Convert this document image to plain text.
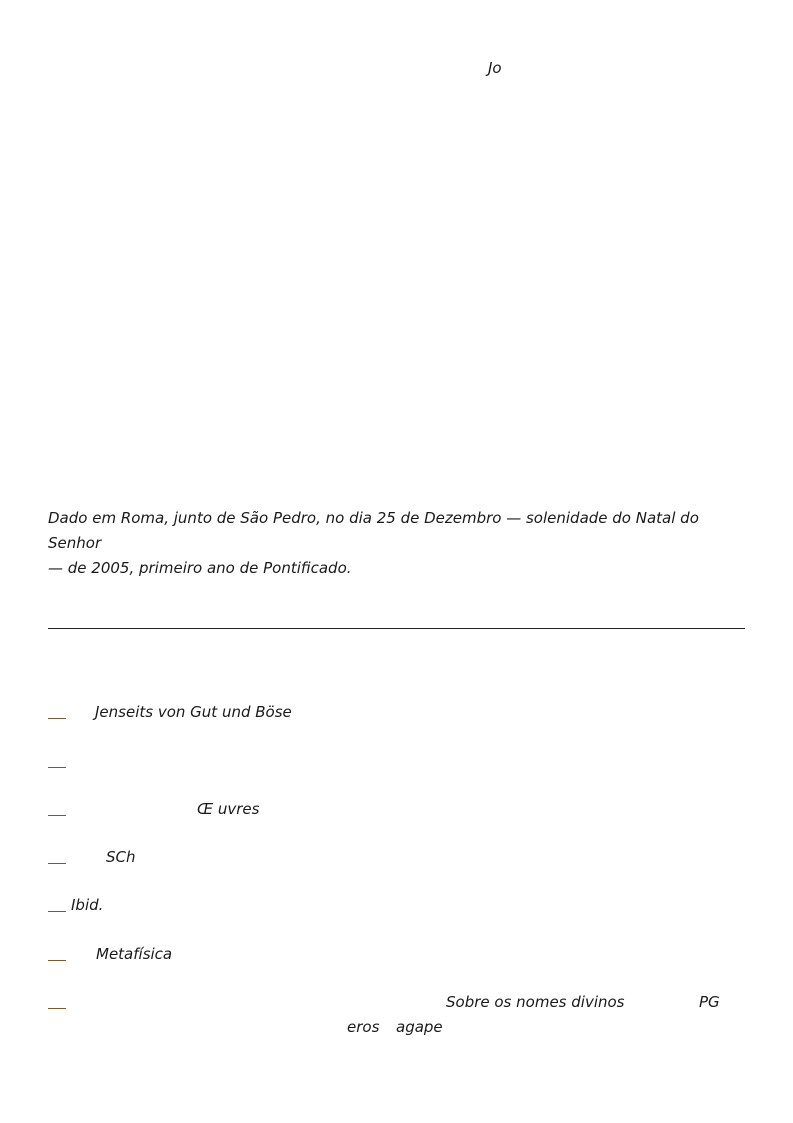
Jo
Dado em Roma, junto de São Pedro, no dia 25 de Dezembro — solenidade do Natal do Senhor
— de 2005, primeiro ano de Pontificado.
Jenseits von Gut und Böse
Œ uvres
SCh
Ibid.
Metafísica
Sobre os nomes divinos	PG
eros agape
